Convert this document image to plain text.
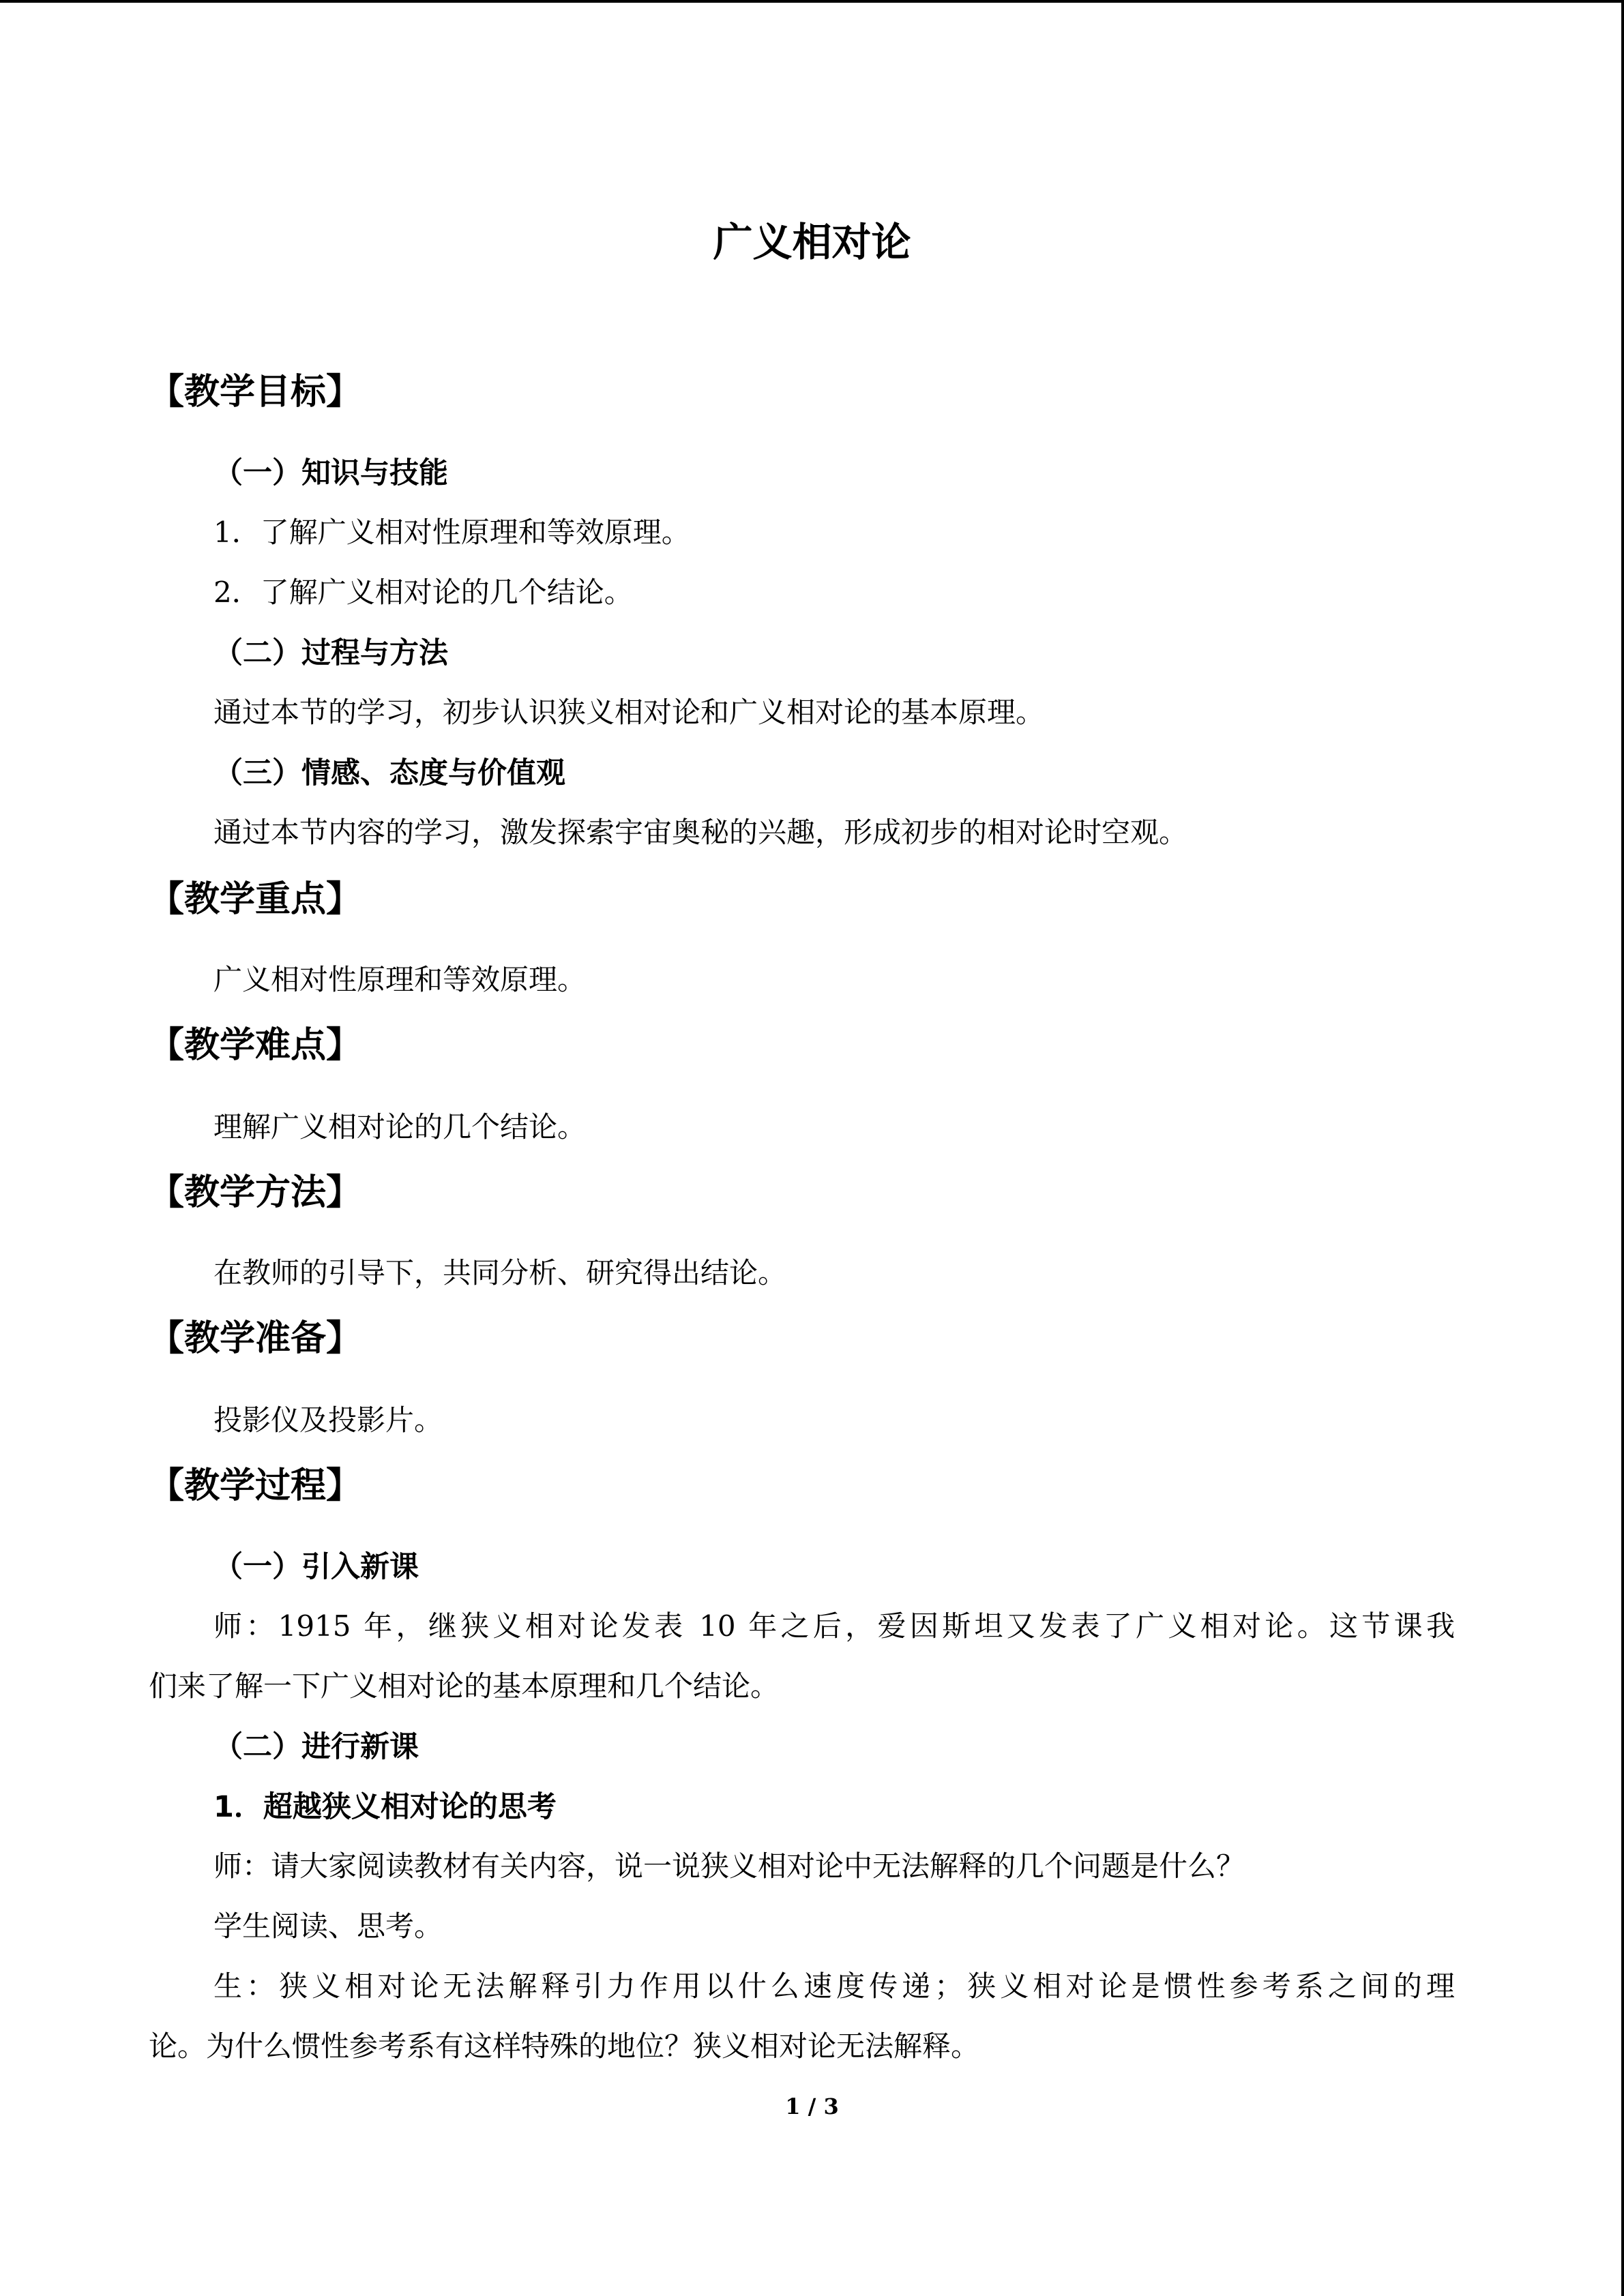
广义相对论
【教学目标】
（一）知识与技能
1．了解广义相对性原理和等效原理。
2．了解广义相对论的几个结论。
（二）过程与方法
通过本节的学习，初步认识狭义相对论和广义相对论的基本原理。
（三）情感、态度与价值观
通过本节内容的学习，激发探索宇宙奥秘的兴趣，形成初步的相对论时空观。
【教学重点】
广义相对性原理和等效原理。
【教学难点】
理解广义相对论的几个结论。
【教学方法】
在教师的引导下，共同分析、研究得出结论。
【教学准备】
投影仪及投影片。
【教学过程】
（一）引入新课
师：1915 年，继狭义相对论发表 10 年之后，爱因斯坦又发表了广义相对论。这节课我
们来了解一下广义相对论的基本原理和几个结论。
（二）进行新课
1．超越狭义相对论的思考
师：请大家阅读教材有关内容，说一说狭义相对论中无法解释的几个问题是什么？
学生阅读、思考。
生：狭义相对论无法解释引力作用以什么速度传递；狭义相对论是惯性参考系之间的理
论。为什么惯性参考系有这样特殊的地位？狭义相对论无法解释。
1 / 3
